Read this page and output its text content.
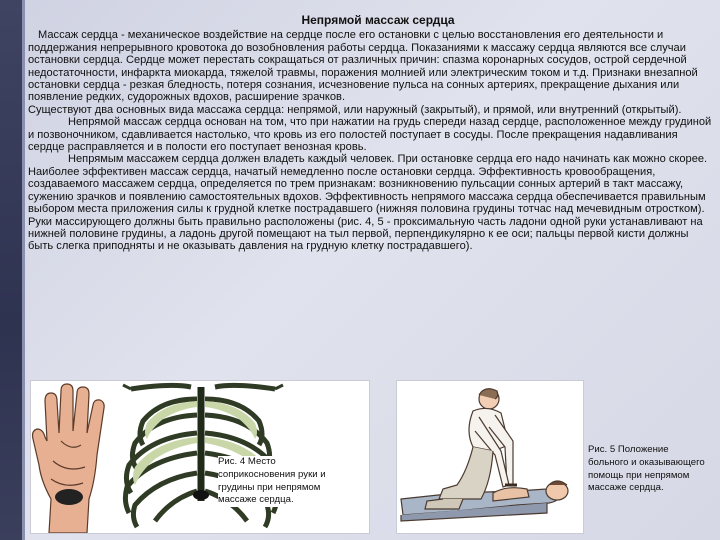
Непрямой массаж сердца

Массаж сердца - механическое воздействие на сердце после его остановки с целью восстановления его деятельности и поддержания непрерывного кровотока до возобновления работы сердца. Показаниями к массажу сердца являются все случаи остановки сердца. Сердце может перестать сокращаться от различных причин: спазма коронарных сосудов, острой сердечной недостаточности, инфаркта миокарда, тяжелой травмы, поражения молнией или электрическим током и т.д. Признаки внезапной остановки сердца - резкая бледность, потеря сознания, исчезновение пульса на сонных артериях, прекращение дыхания или появление редких, судорожных вдохов, расширение зрачков.

Существуют два основных вида массажа сердца: непрямой, или наружный (закрытый), и прямой, или внутренний (открытый).

Непрямой массаж сердца основан на том, что при нажатии на грудь спереди назад сердце, расположенное между грудиной и позвоночником, сдавливается настолько, что кровь из его полостей поступает в сосуды. После прекращения надавливания сердце расправляется и в полости его поступает венозная кровь.

Непрямым массажем сердца должен владеть каждый человек. При остановке сердца его надо начинать как можно скорее. Наиболее эффективен массаж сердца, начатый немедленно после остановки сердца. Эффективность кровообращения, создаваемого массажем сердца, определяется по трем признакам: возникновению пульсации сонных артерий в такт массажу, сужению зрачков и появлению самостоятельных вдохов. Эффективность непрямого массажа сердца обеспечивается правильным выбором места приложения силы к грудной клетке пострадавшего (нижняя половина грудины тотчас над мечевидным отростком). Руки массирующего должны быть правильно расположены (рис. 4, 5 - проксимальную часть ладони одной руки устанавливают на нижней половине грудины, а ладонь другой помещают на тыл первой, перпендикулярно к ее оси; пальцы первой кисти должны быть слегка приподняты и не оказывать давления на грудную клетку пострадавшего).

Рис. 4 Место соприкосновения руки и грудины при непрямом массаже сердца.
Рис. 5 Положение больного и оказывающего помощь при непрямом массаже сердца.
